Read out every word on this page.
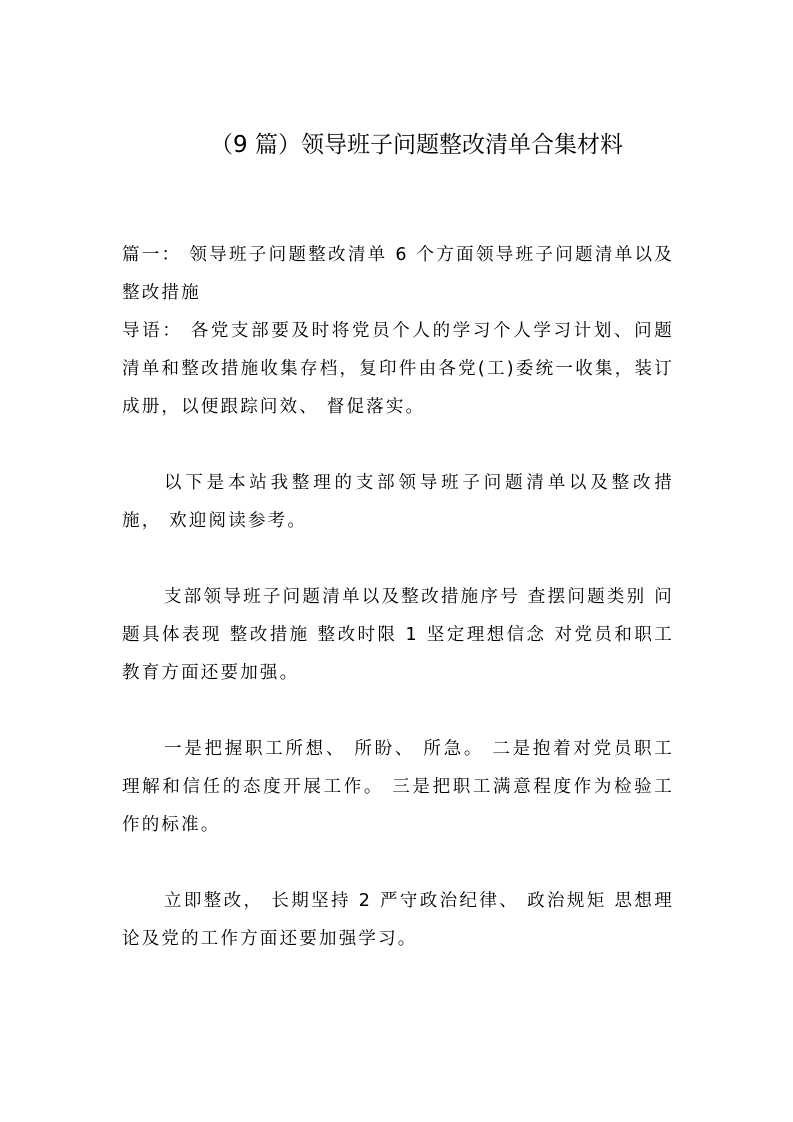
（9 篇）领导班子问题整改清单合集材料

篇一： 领导班子问题整改清单 6 个方面领导班子问题清单以及整改措施

导语： 各党支部要及时将党员个人的学习个人学习计划、问题清单和整改措施收集存档，复印件由各党(工)委统一收集，装订成册，以便跟踪问效、 督促落实。

以下是本站我整理的支部领导班子问题清单以及整改措施， 欢迎阅读参考。

支部领导班子问题清单以及整改措施序号 查摆问题类别 问题具体表现 整改措施 整改时限 1 坚定理想信念 对党员和职工教育方面还要加强。

一是把握职工所想、 所盼、 所急。 二是抱着对党员职工理解和信任的态度开展工作。 三是把职工满意程度作为检验工作的标准。

立即整改， 长期坚持 2 严守政治纪律、 政治规矩 思想理论及党的工作方面还要加强学习。
